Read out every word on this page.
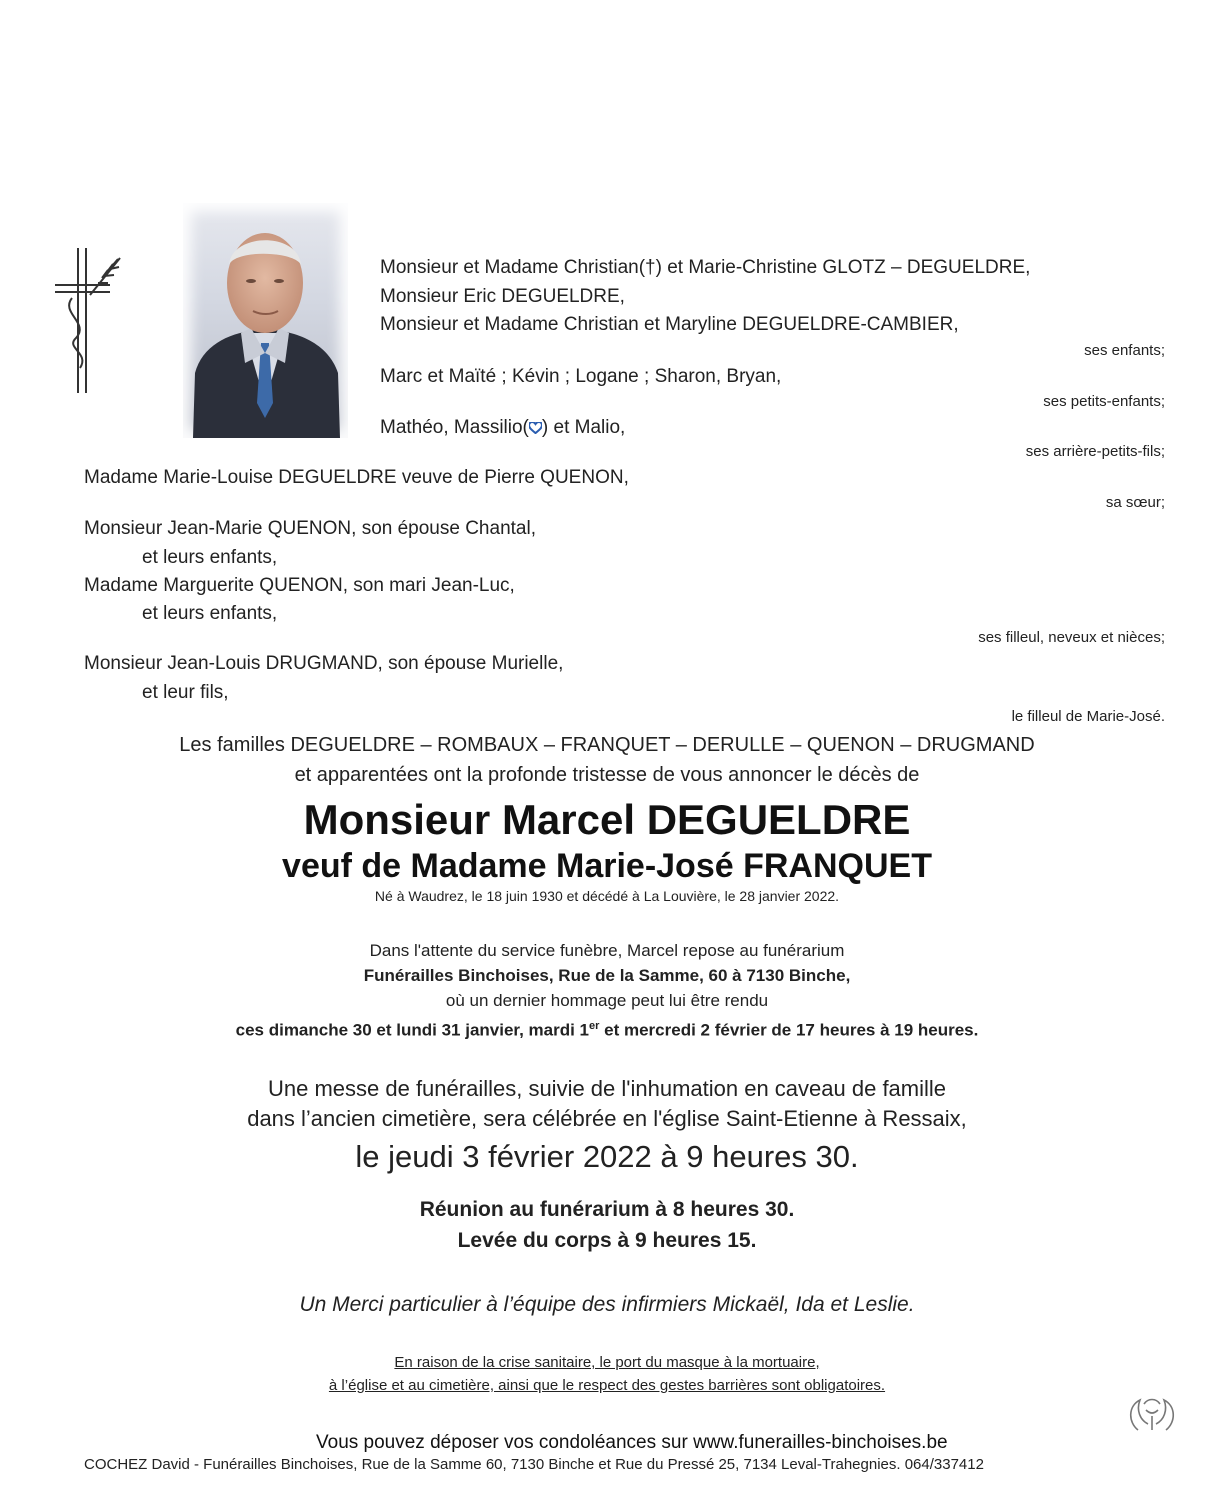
Monsieur et Madame Christian(†) et Marie-Christine GLOTZ – DEGUELDRE,
Monsieur Eric DEGUELDRE,
Monsieur et Madame Christian et Maryline DEGUELDRE-CAMBIER,
ses enfants;
Marc et Maïté ; Kévin ; Logane ; Sharon, Bryan,
ses petits-enfants;
Mathéo, Massilio( ) et Malio,
ses arrière-petits-fils;
Madame Marie-Louise DEGUELDRE veuve de Pierre QUENON,
sa sœur;
Monsieur Jean-Marie QUENON, son épouse Chantal,
et leurs enfants,
Madame Marguerite QUENON, son mari Jean-Luc,
et leurs enfants,
ses filleul, neveux et nièces;
Monsieur Jean-Louis DRUGMAND, son épouse Murielle,
et leur fils,
le filleul de Marie-José.
Les familles DEGUELDRE – ROMBAUX – FRANQUET – DERULLE – QUENON – DRUGMAND
et apparentées ont la profonde tristesse de vous annoncer le décès de
Monsieur Marcel DEGUELDRE
veuf de Madame Marie-José FRANQUET
Né à Waudrez, le 18 juin 1930 et décédé à La Louvière, le 28 janvier 2022.
Dans l'attente du service funèbre, Marcel repose au funérarium
Funérailles Binchoises, Rue de la Samme, 60 à 7130 Binche,
où un dernier hommage peut lui être rendu
ces dimanche 30 et lundi 31 janvier, mardi 1er et mercredi 2 février de 17 heures à 19 heures.
Une messe de funérailles, suivie de l'inhumation en caveau de famille
dans l’ancien cimetière, sera célébrée en l'église Saint-Etienne à Ressaix,
le jeudi 3 février 2022 à 9 heures 30.
Réunion au funérarium à 8 heures 30.
Levée du corps à 9 heures 15.
Un Merci particulier à l’équipe des infirmiers Mickaël, Ida et Leslie.
En raison de la crise sanitaire, le port du masque à la mortuaire,
à l’église et au cimetière, ainsi que le respect des gestes barrières sont obligatoires.
Vous pouvez déposer vos condoléances sur www.funerailles-binchoises.be
COCHEZ David - Funérailles Binchoises, Rue de la Samme 60, 7130 Binche et Rue du Pressé 25, 7134 Leval-Trahegnies. 064/337412
